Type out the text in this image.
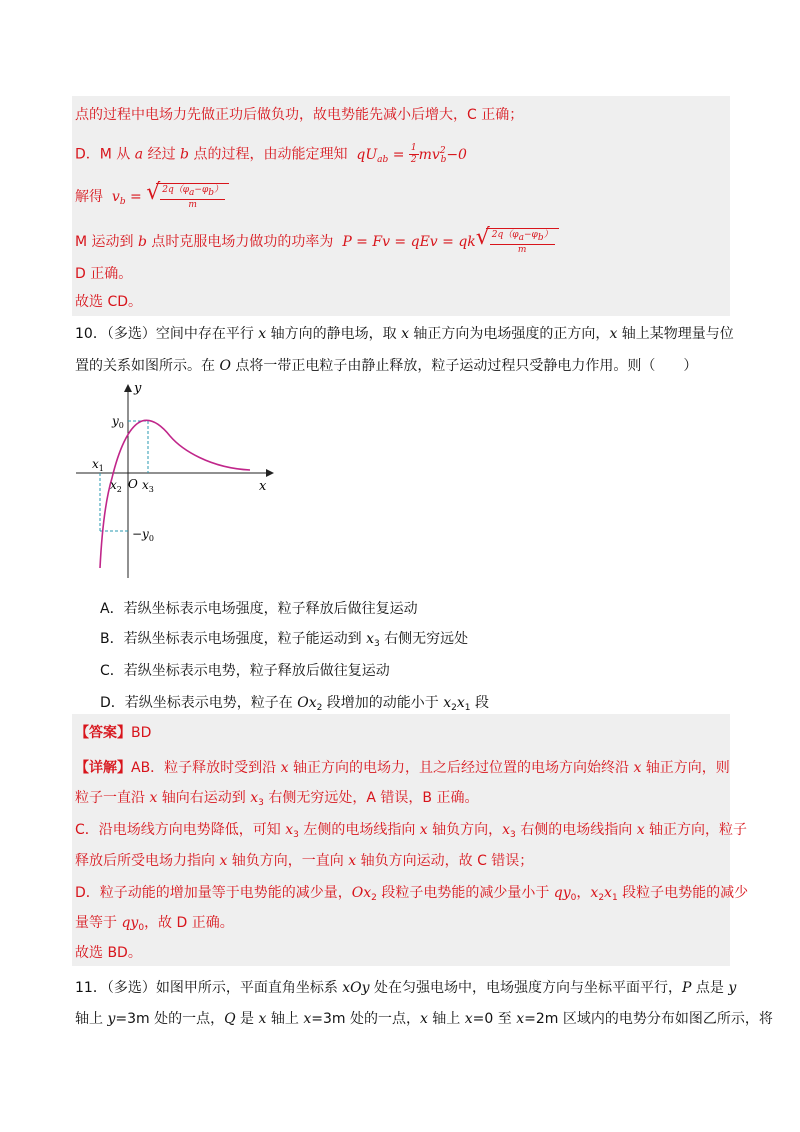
点的过程中电场力先做正功后做负功，故电势能先减小后增大，C 正确；
D．M 从 a 经过 b 点的过程，由动能定理知 $qU_{ab} = \frac{1}{2} mv^2_b-0$
解得 $v_b$ = √ $\frac{2q(\varphi a-\varphi b)}{m}$
M 运动到 b 点时克服电场力做功的功率为 P = Fv = qEv = qk √ $\frac{2q(\varphi a-\varphi b)}{m}$
D 正确。
故选 CD。
10．（多选）空间中存在平行 x 轴方向的静电场，取 x 轴正方向为电场强度的正方向，x 轴上某物理量与位
置的关系如图所示。在 O 点将一带正电粒子由静止释放，粒子运动过程只受静电力作用。则（　　）
y
x
$y_0$
$-y_0$
$x_1$
$x_2$ O $x_3$
A．若纵坐标表示电场强度，粒子释放后做往复运动
B．若纵坐标表示电场强度，粒子能运动到 $x_3$ 右侧无穷远处
C．若纵坐标表示电势，粒子释放后做往复运动
D．若纵坐标表示电势，粒子在 $Ox_2$ 段增加的动能小于 $x_2x_1$ 段
【答案】BD
【详解】AB．粒子释放时受到沿 x 轴正方向的电场力，且之后经过位置的电场方向始终沿 x 轴正方向，则
粒子一直沿 x 轴向右运动到 $x_3$ 右侧无穷远处，A 错误，B 正确。
C．沿电场线方向电势降低，可知 $x_3$ 左侧的电场线指向 x 轴负方向，$x_3$ 右侧的电场线指向 x 轴正方向，粒子
释放后所受电场力指向 x 轴负方向，一直向 x 轴负方向运动，故 C 错误；
D．粒子动能的增加量等于电势能的减少量，$Ox_2$ 段粒子电势能的减少量小于 $qy_0$，$x_2x_1$ 段粒子电势能的减少
量等于 $qy_0$，故 D 正确。
故选 BD。
11．（多选）如图甲所示，平面直角坐标系 xOy 处在匀强电场中，电场强度方向与坐标平面平行，P 点是 y
轴上 y=3m 处的一点，Q 是 x 轴上 x=3m 处的一点，x 轴上 x=0 至 x=2m 区域内的电势分布如图乙所示，将
